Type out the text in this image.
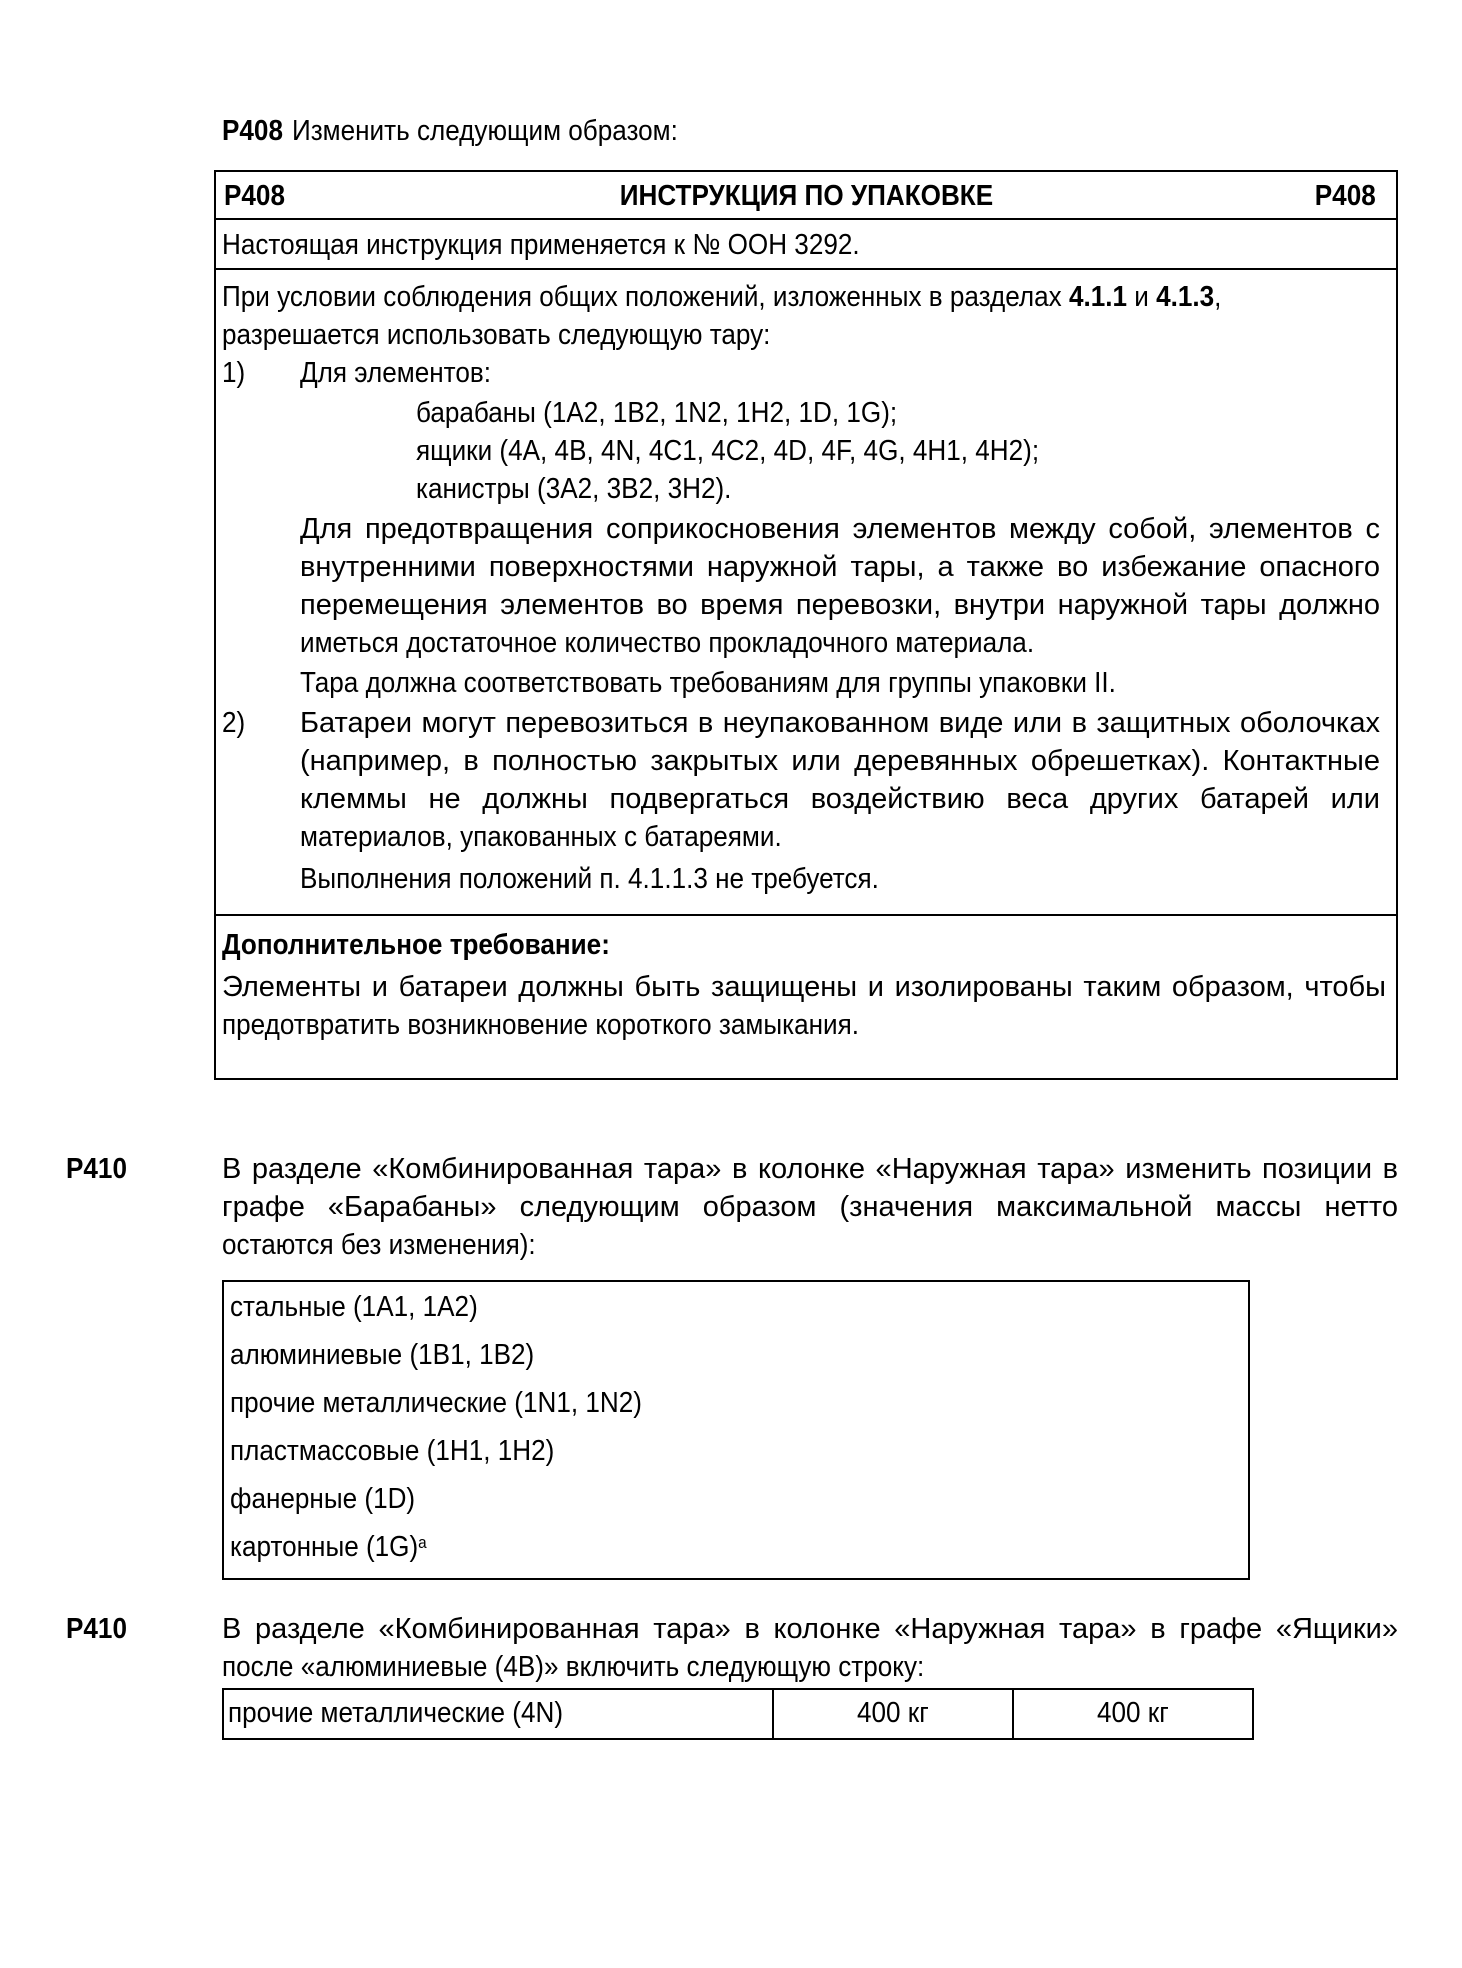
P408 Изменить следующим образом:
P408	ИНСТРУКЦИЯ ПО УПАКОВКЕ	P408
Настоящая инструкция применяется к № ООН 3292.
При условии соблюдения общих положений, изложенных в разделах 4.1.1 и 4.1.3,
разрешается использовать следующую тару:
1) Для элементов:
барабаны (1A2, 1B2, 1N2, 1H2, 1D, 1G);
ящики (4A, 4B, 4N, 4C1, 4C2, 4D, 4F, 4G, 4H1, 4H2);
канистры (3A2, 3B2, 3H2).
Для предотвращения соприкосновения элементов между собой, элементов с
внутренними поверхностями наружной тары, а также во избежание опасного
перемещения элементов во время перевозки, внутри наружной тары должно
иметься достаточное количество прокладочного материала.
Тара должна соответствовать требованиям для группы упаковки II.
2) Батареи могут перевозиться в неупакованном виде или в защитных оболочках
(например, в полностью закрытых или деревянных обрешетках). Контактные
клеммы не должны подвергаться воздействию веса других батарей или
материалов, упакованных с батареями.
Выполнения положений п. 4.1.1.3 не требуется.
Дополнительное требование:
Элементы и батареи должны быть защищены и изолированы таким образом, чтобы
предотвратить возникновение короткого замыкания.
P410	В разделе «Комбинированная тара» в колонке «Наружная тара» изменить позиции в
графе «Барабаны» следующим образом (значения максимальной массы нетто
остаются без изменения):
стальные (1A1, 1A2)
алюминиевые (1B1, 1B2)
прочие металлические (1N1, 1N2)
пластмассовые (1H1, 1H2)
фанерные (1D)
картонные (1G)$^a$
P410	В разделе «Комбинированная тара» в колонке «Наружная тара» в графе «Ящики»
после «алюминиевые (4B)» включить следующую строку:
прочие металлические (4N)	400 кг	400 кг
